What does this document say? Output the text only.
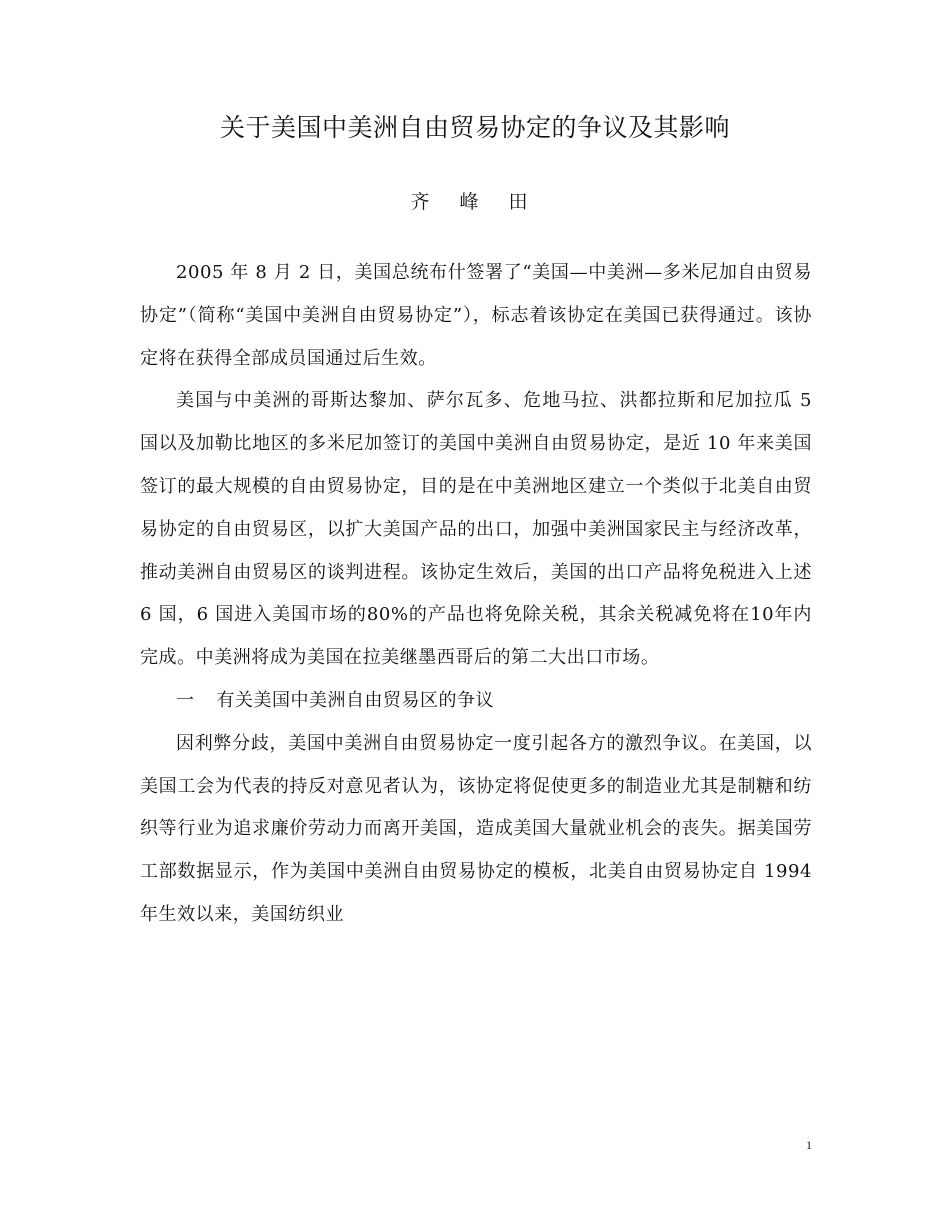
关于美国中美洲自由贸易协定的争议及其影响

齐 峰 田

2005 年 8 月 2 日，美国总统布什签署了“美国—中美洲—多米尼加自由贸易协定”（简称“美国中美洲自由贸易协定”），标志着该协定在美国已获得通过。该协定将在获得全部成员国通过后生效。

美国与中美洲的哥斯达黎加、萨尔瓦多、危地马拉、洪都拉斯和尼加拉瓜 5 国以及加勒比地区的多米尼加签订的美国中美洲自由贸易协定，是近 10 年来美国签订的最大规模的自由贸易协定，目的是在中美洲地区建立一个类似于北美自由贸易协定的自由贸易区，以扩大美国产品的出口，加强中美洲国家民主与经济改革，推动美洲自由贸易区的谈判进程。该协定生效后，美国的出口产品将免税进入上述 6 国，6 国进入美国市场的80%的产品也将免除关税，其余关税减免将在10年内完成。中美洲将成为美国在拉美继墨西哥后的第二大出口市场。

一 有关美国中美洲自由贸易区的争议

因利弊分歧，美国中美洲自由贸易协定一度引起各方的激烈争议。在美国，以美国工会为代表的持反对意见者认为，该协定将促使更多的制造业尤其是制糖和纺织等行业为追求廉价劳动力而离开美国，造成美国大量就业机会的丧失。据美国劳工部数据显示，作为美国中美洲自由贸易协定的模板，北美自由贸易协定自 1994 年生效以来，美国纺织业

1
